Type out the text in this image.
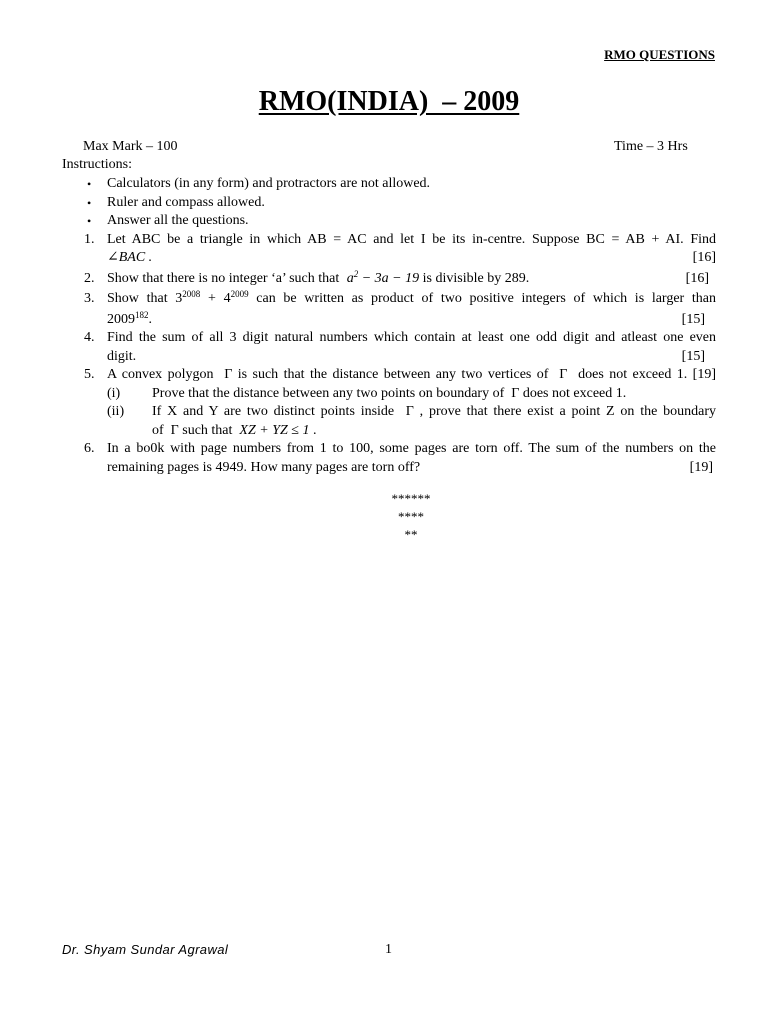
RMO QUESTIONS
RMO(INDIA)  – 2009
Max Mark – 100	Time – 3 Hrs
Instructions:
• Calculators (in any form) and protractors are not allowed.
• Ruler and compass allowed.
• Answer all the questions.
1. Let ABC be a triangle in which AB = AC and let I be its in-centre. Suppose BC = AB + AI. Find
∠BAC .	[16]
2. Show that there is no integer ‘a’ such that $a^2 - 3a - 19$ is divisible by 289.	[16]
3. Show that $3^{2008} + 4^{2009}$ can be written as product of two positive integers of which is larger than
2009$^{182}$.	[15]
4. Find the sum of all 3 digit natural numbers which contain at least one odd digit and atleast one even
digit.	[15]
5. A convex polygon  Γ is such that the distance between any two vertices of  Γ  does not exceed 1. [19]
(i) Prove that the distance between any two points on boundary of  Γ does not exceed 1.
(ii) If X and Y are two distinct points inside  Γ , prove that there exist a point Z on the boundary
of  Γ such that XZ + YZ ≤ 1 .
6. In a bo0k with page numbers from 1 to 100, some pages are torn off. The sum of the numbers on the
remaining pages is 4949. How many pages are torn off?	[19]
******
****
**
Dr. Shyam Sundar Agrawal	1
